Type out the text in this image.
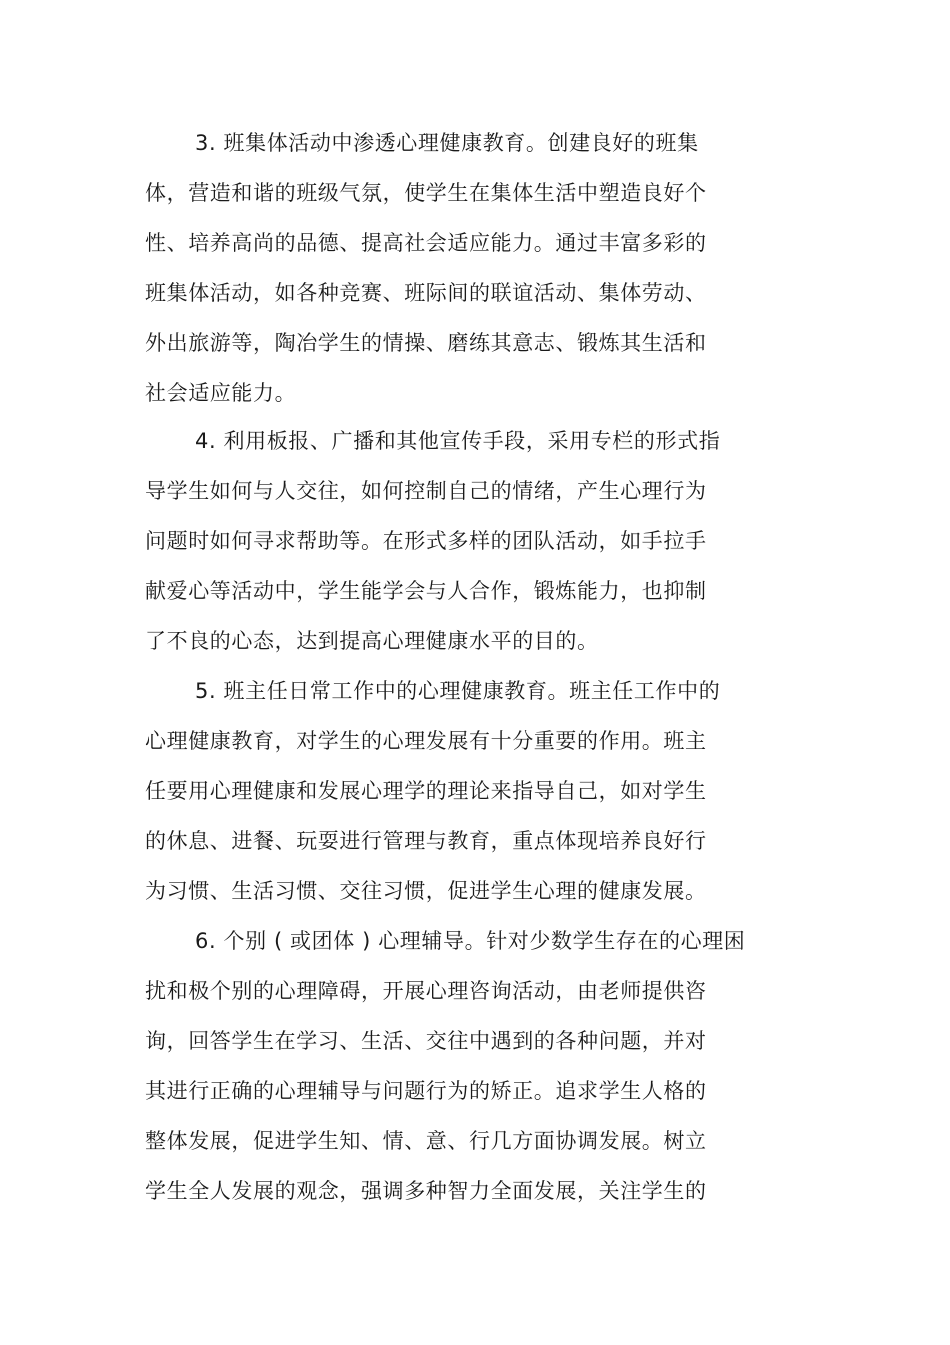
3. 班集体活动中渗透心理健康教育。创建良好的班集
体，营造和谐的班级气氛，使学生在集体生活中塑造良好个
性、培养高尚的品德、提高社会适应能力。通过丰富多彩的
班集体活动，如各种竞赛、班际间的联谊活动、集体劳动、
外出旅游等，陶冶学生的情操、磨练其意志、锻炼其生活和
社会适应能力。
4. 利用板报、广播和其他宣传手段，采用专栏的形式指
导学生如何与人交往，如何控制自己的情绪，产生心理行为
问题时如何寻求帮助等。在形式多样的团队活动，如手拉手
献爱心等活动中，学生能学会与人合作，锻炼能力，也抑制
了不良的心态，达到提高心理健康水平的目的。
5. 班主任日常工作中的心理健康教育。班主任工作中的
心理健康教育，对学生的心理发展有十分重要的作用。班主
任要用心理健康和发展心理学的理论来指导自己，如对学生
的休息、进餐、玩耍进行管理与教育，重点体现培养良好行
为习惯、生活习惯、交往习惯，促进学生心理的健康发展。
6. 个别 ( 或团体 ) 心理辅导。针对少数学生存在的心理困
扰和极个别的心理障碍，开展心理咨询活动，由老师提供咨
询，回答学生在学习、生活、交往中遇到的各种问题，并对
其进行正确的心理辅导与问题行为的矫正。追求学生人格的
整体发展，促进学生知、情、意、行几方面协调发展。树立
学生全人发展的观念，强调多种智力全面发展，关注学生的
